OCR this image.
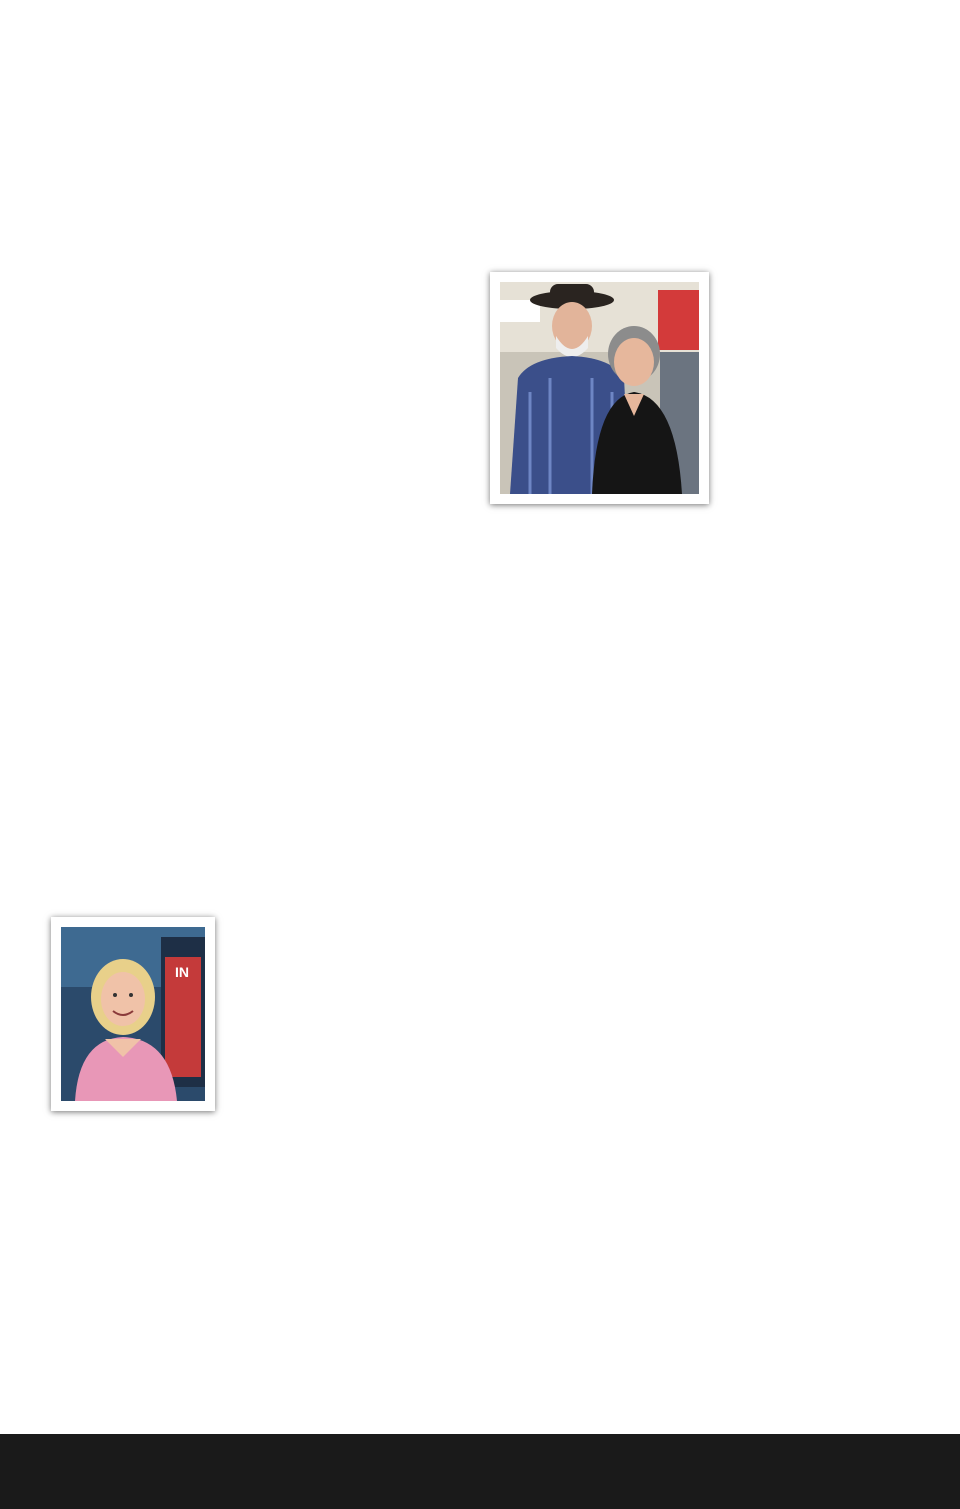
IN
